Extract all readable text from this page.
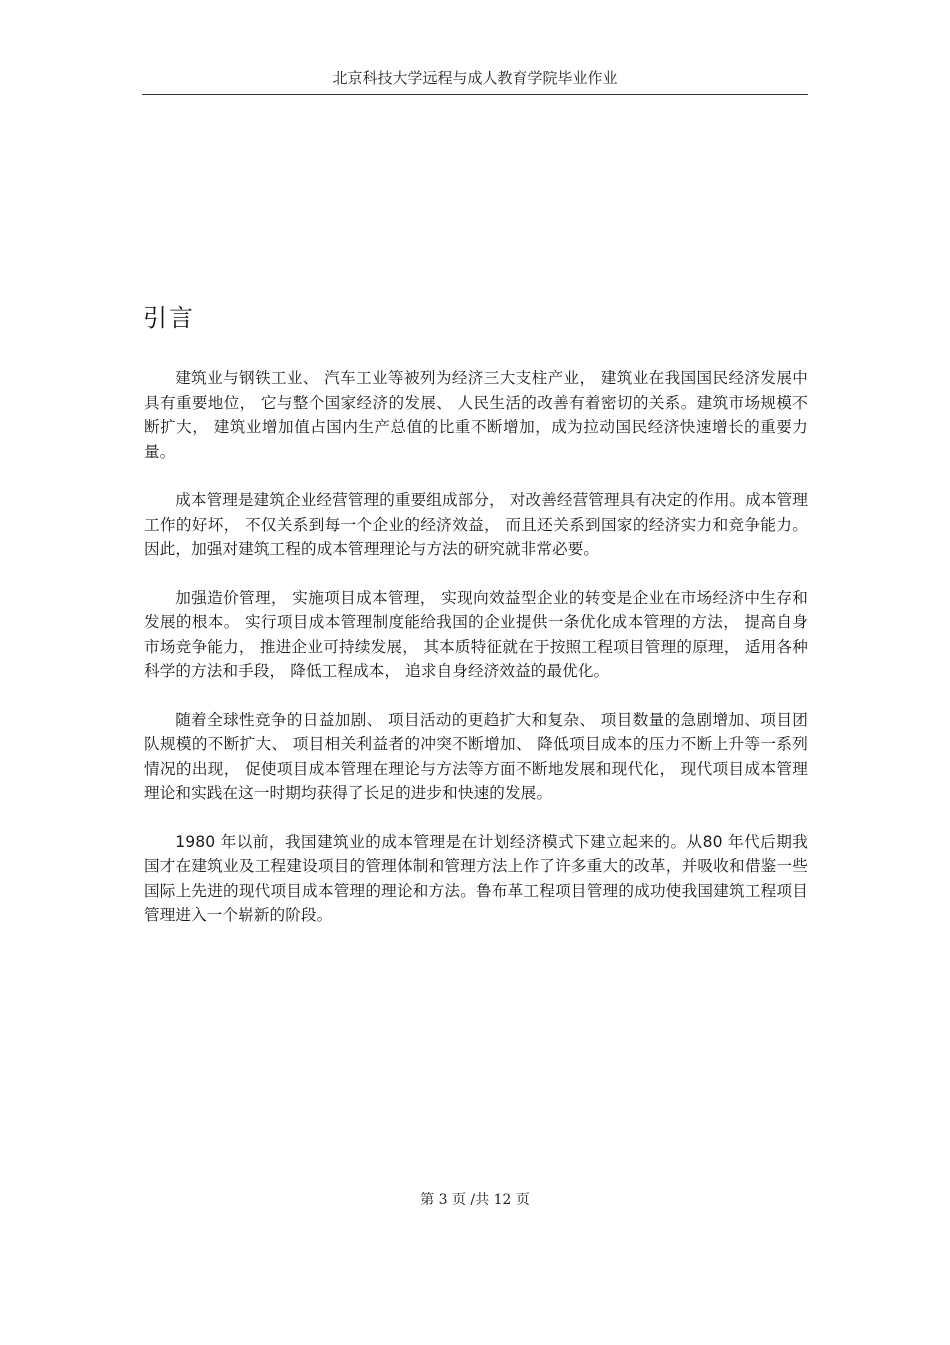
北京科技大学远程与成人教育学院毕业作业
引言

建筑业与钢铁工业、 汽车工业等被列为经济三大支柱产业， 建筑业在我国国民经济发展中具有重要地位， 它与整个国家经济的发展、 人民生活的改善有着密切的关系。建筑市场规模不断扩大， 建筑业增加值占国内生产总值的比重不断增加，成为拉动国民经济快速增长的重要力量。

成本管理是建筑企业经营管理的重要组成部分， 对改善经营管理具有决定的作用。成本管理工作的好坏， 不仅关系到每一个企业的经济效益， 而且还关系到国家的经济实力和竞争能力。 因此，加强对建筑工程的成本管理理论与方法的研究就非常必要。

加强造价管理， 实施项目成本管理， 实现向效益型企业的转变是企业在市场经济中生存和发展的根本。 实行项目成本管理制度能给我国的企业提供一条优化成本管理的方法， 提高自身市场竞争能力， 推进企业可持续发展， 其本质特征就在于按照工程项目管理的原理， 适用各种科学的方法和手段， 降低工程成本， 追求自身经济效益的最优化。

随着全球性竞争的日益加剧、 项目活动的更趋扩大和复杂、 项目数量的急剧增加、项目团队规模的不断扩大、 项目相关利益者的冲突不断增加、 降低项目成本的压力不断上升等一系列情况的出现， 促使项目成本管理在理论与方法等方面不断地发展和现代化， 现代项目成本管理理论和实践在这一时期均获得了长足的进步和快速的发展。

1980 年以前，我国建筑业的成本管理是在计划经济模式下建立起来的。从80 年代后期我国才在建筑业及工程建设项目的管理体制和管理方法上作了许多重大的改革，并吸收和借鉴一些国际上先进的现代项目成本管理的理论和方法。鲁布革工程项目管理的成功使我国建筑工程项目管理进入一个崭新的阶段。

第 3 页 /共 12 页
